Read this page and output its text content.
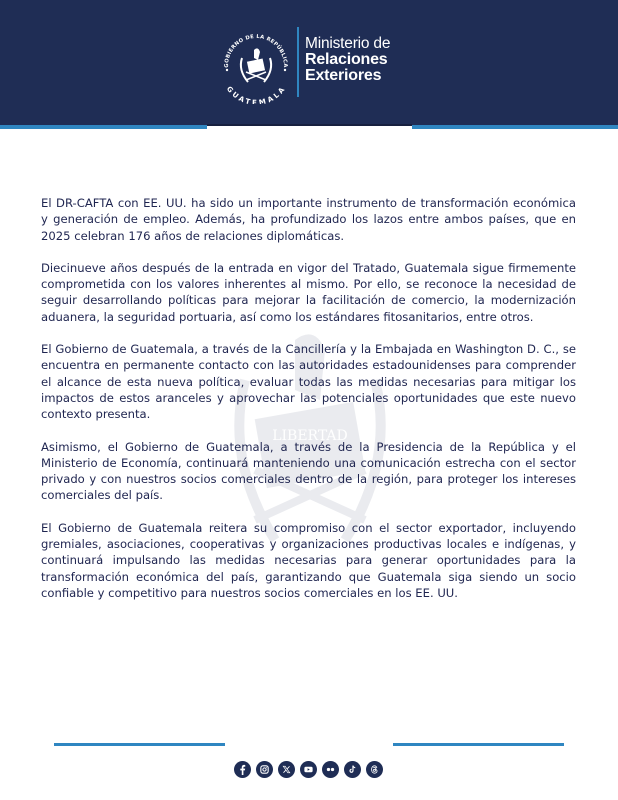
GOBIERNO DE LA REPÚBLICA
GUATEMALA
Ministerio de
Relaciones
Exteriores
LIBERTAD

El DR-CAFTA con EE. UU. ha sido un importante instrumento de transformación económica y generación de empleo. Además, ha profundizado los lazos entre ambos países, que en 2025 celebran 176 años de relaciones diplomáticas.

Diecinueve años después de la entrada en vigor del Tratado, Guatemala sigue firmemente comprometida con los valores inherentes al mismo. Por ello, se reconoce la necesidad de seguir desarrollando políticas para mejorar la facilitación de comercio, la modernización aduanera, la seguridad portuaria, así como los estándares fitosanitarios, entre otros.

El Gobierno de Guatemala, a través de la Cancillería y la Embajada en Washington D. C., se encuentra en permanente contacto con las autoridades estadounidenses para comprender el alcance de esta nueva política, evaluar todas las medidas necesarias para mitigar los impactos de estos aranceles y aprovechar las potenciales oportunidades que este nuevo contexto presenta.

Asimismo, el Gobierno de Guatemala, a través de la Presidencia de la República y el Ministerio de Economía, continuará manteniendo una comunicación estrecha con el sector privado y con nuestros socios comerciales dentro de la región, para proteger los intereses comerciales del país.

El Gobierno de Guatemala reitera su compromiso con el sector exportador, incluyendo gremiales, asociaciones, cooperativas y organizaciones productivas locales e indígenas, y continuará impulsando las medidas necesarias para generar oportunidades para la transformación económica del país, garantizando que Guatemala siga siendo un socio confiable y competitivo para nuestros socios comerciales en los EE. UU.
